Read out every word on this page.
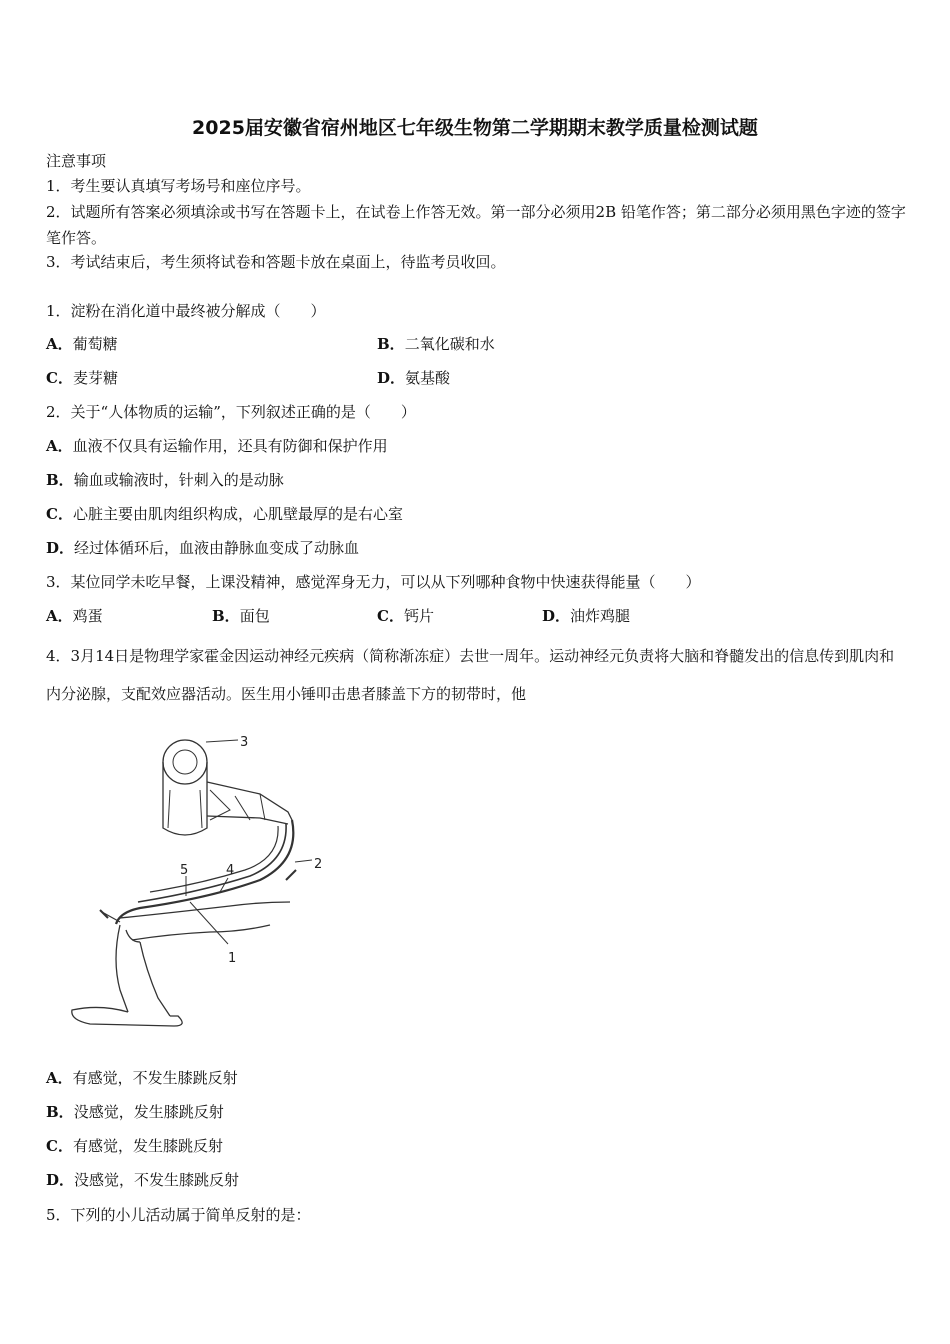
2025届安徽省宿州地区七年级生物第二学期期末教学质量检测试题
注意事项
1．考生要认真填写考场号和座位序号。
2．试题所有答案必须填涂或书写在答题卡上，在试卷上作答无效。第一部分必须用2B 铅笔作答；第二部分必须用黑色字迹的签字笔作答。
3．考试结束后，考生须将试卷和答题卡放在桌面上，待监考员收回。
1．淀粉在消化道中最终被分解成（　　）
A．葡萄糖	B．二氧化碳和水
C．麦芽糖	D．氨基酸
2．关于“人体物质的运输”，下列叙述正确的是（　　）
A．血液不仅具有运输作用，还具有防御和保护作用
B．输血或输液时，针刺入的是动脉
C．心脏主要由肌肉组织构成，心肌壁最厚的是右心室
D．经过体循环后，血液由静脉血变成了动脉血
3．某位同学未吃早餐，上课没精神，感觉浑身无力，可以从下列哪种食物中快速获得能量（　　）
A．鸡蛋	B．面包	C．钙片	D．油炸鸡腿
4．3月14日是物理学家霍金因运动神经元疾病（简称渐冻症）去世一周年。运动神经元负责将大脑和脊髓发出的信息传到肌肉和内分泌腺，支配效应器活动。医生用小锤叩击患者膝盖下方的韧带时，他
3
2
5	4
1
A．有感觉，不发生膝跳反射
B．没感觉，发生膝跳反射
C．有感觉，发生膝跳反射
D．没感觉，不发生膝跳反射
5．下列的小儿活动属于简单反射的是：
